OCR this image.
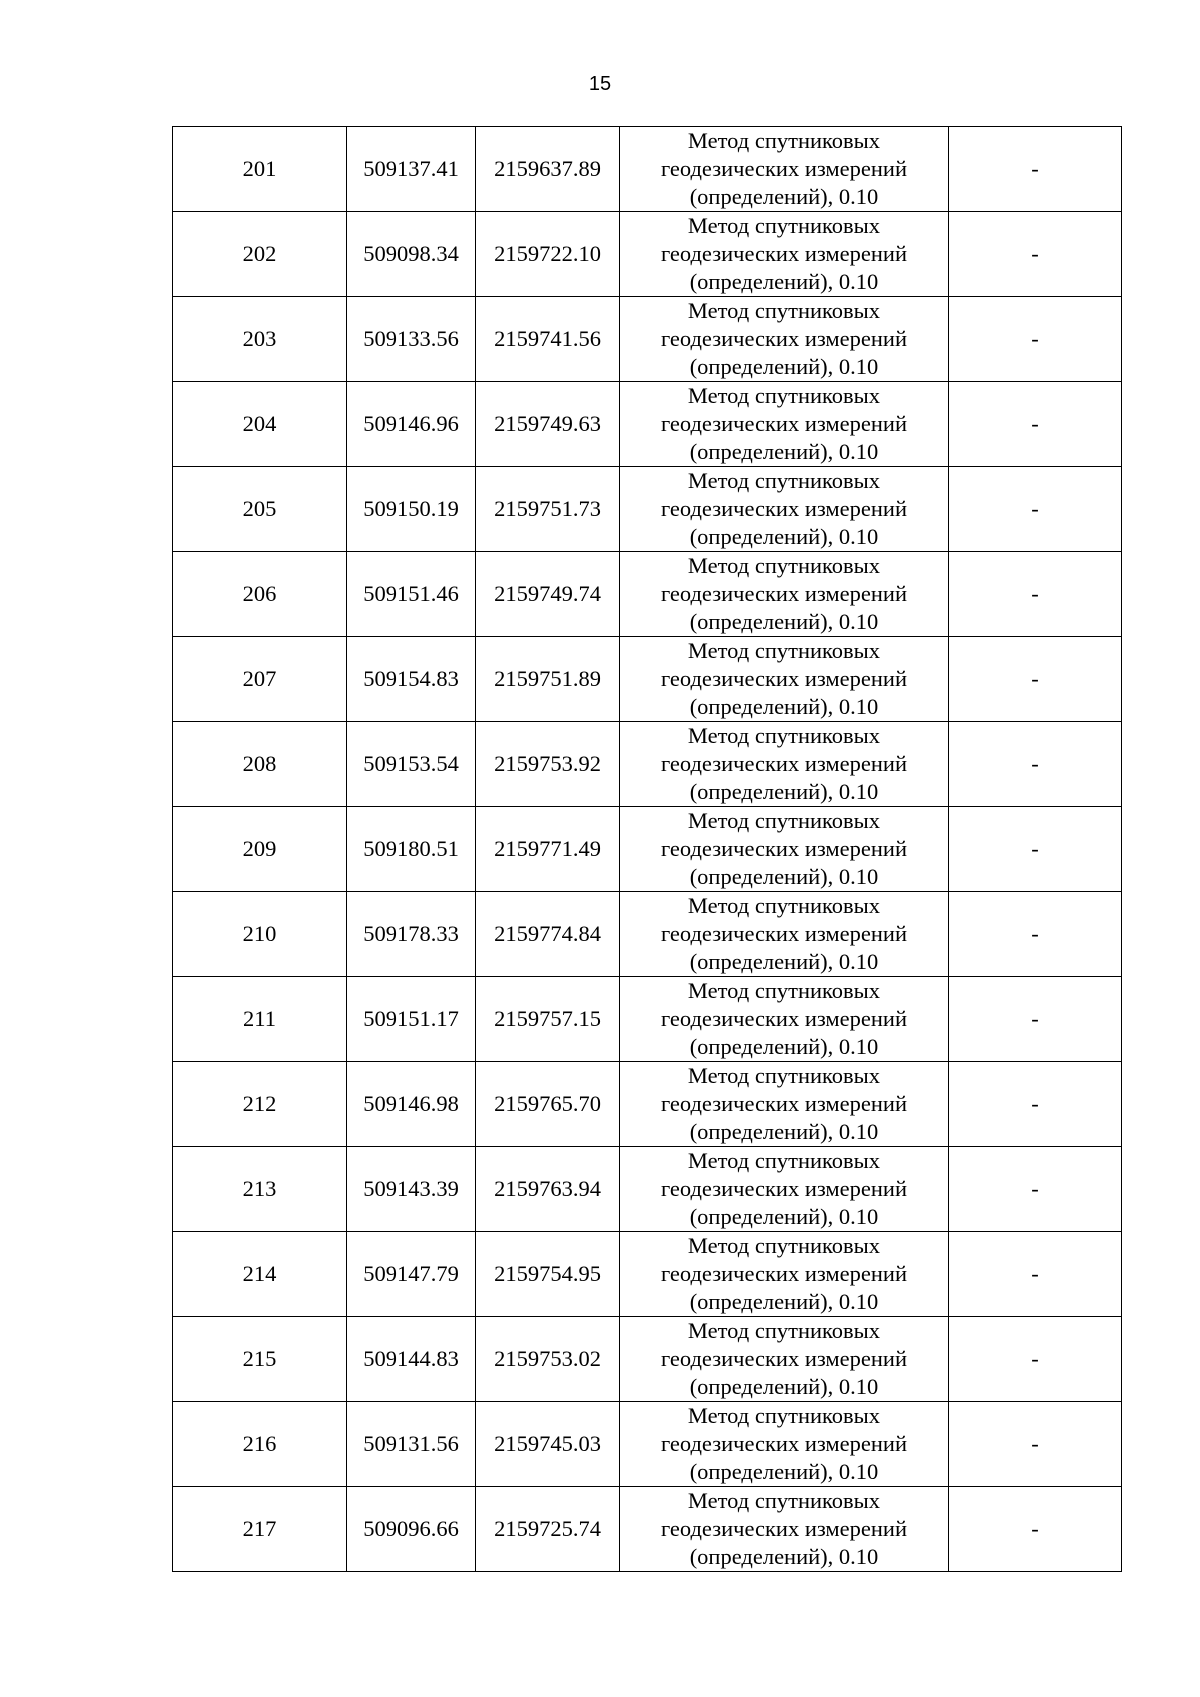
15
201	509137.41	2159637.89	Метод спутниковых
геодезических измерений
(определений), 0.10	-
202	509098.34	2159722.10	Метод спутниковых
геодезических измерений
(определений), 0.10	-
203	509133.56	2159741.56	Метод спутниковых
геодезических измерений
(определений), 0.10	-
204	509146.96	2159749.63	Метод спутниковых
геодезических измерений
(определений), 0.10	-
205	509150.19	2159751.73	Метод спутниковых
геодезических измерений
(определений), 0.10	-
206	509151.46	2159749.74	Метод спутниковых
геодезических измерений
(определений), 0.10	-
207	509154.83	2159751.89	Метод спутниковых
геодезических измерений
(определений), 0.10	-
208	509153.54	2159753.92	Метод спутниковых
геодезических измерений
(определений), 0.10	-
209	509180.51	2159771.49	Метод спутниковых
геодезических измерений
(определений), 0.10	-
210	509178.33	2159774.84	Метод спутниковых
геодезических измерений
(определений), 0.10	-
211	509151.17	2159757.15	Метод спутниковых
геодезических измерений
(определений), 0.10	-
212	509146.98	2159765.70	Метод спутниковых
геодезических измерений
(определений), 0.10	-
213	509143.39	2159763.94	Метод спутниковых
геодезических измерений
(определений), 0.10	-
214	509147.79	2159754.95	Метод спутниковых
геодезических измерений
(определений), 0.10	-
215	509144.83	2159753.02	Метод спутниковых
геодезических измерений
(определений), 0.10	-
216	509131.56	2159745.03	Метод спутниковых
геодезических измерений
(определений), 0.10	-
217	509096.66	2159725.74	Метод спутниковых
геодезических измерений
(определений), 0.10	-
